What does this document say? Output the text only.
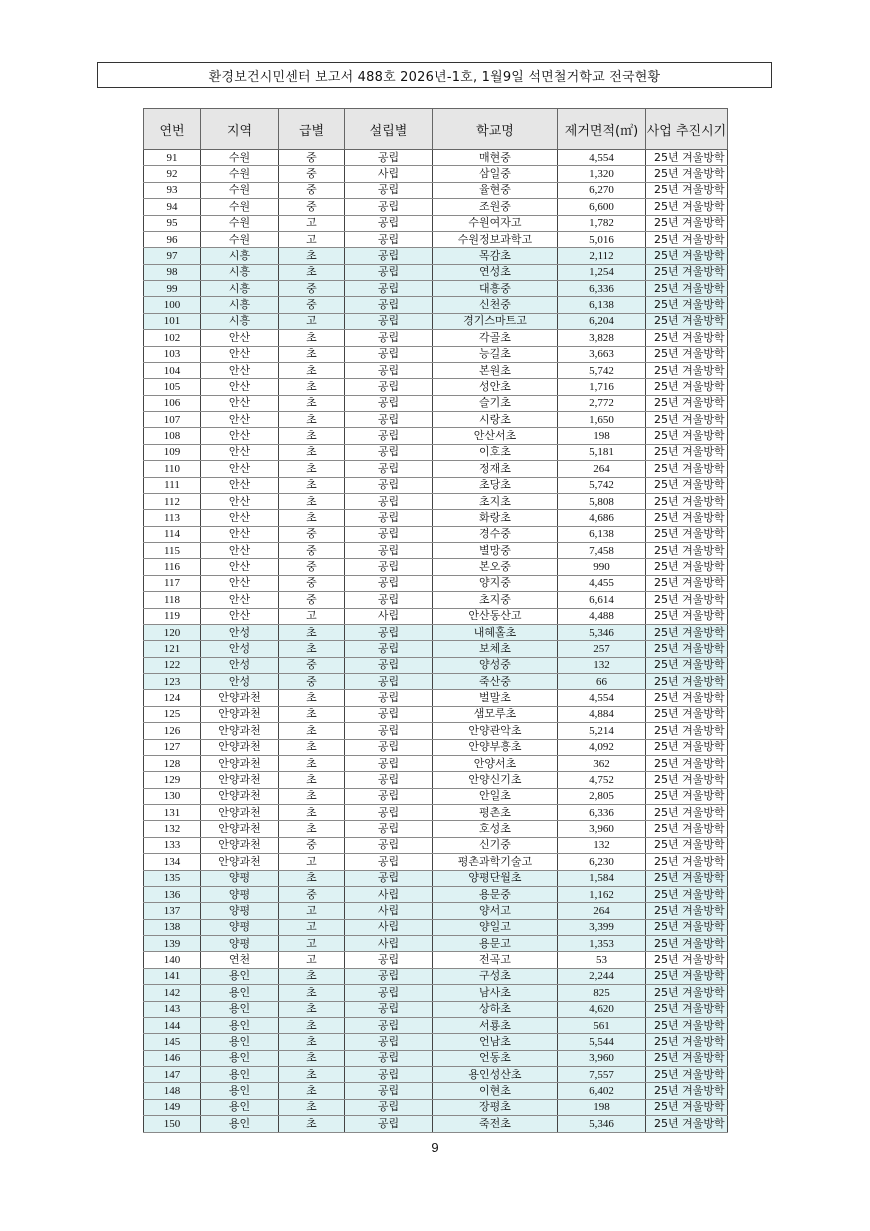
환경보건시민센터 보고서 488호 2026년-1호, 1월9일 석면철거학교 전국현황
연번	지역	급별	설립별	학교명	제거면적(㎡)	사업 추진시기
91	수원	중	공립	매현중	4,554	25년 겨울방학
92	수원	중	사립	삼일중	1,320	25년 겨울방학
93	수원	중	공립	율현중	6,270	25년 겨울방학
94	수원	중	공립	조원중	6,600	25년 겨울방학
95	수원	고	공립	수원여자고	1,782	25년 겨울방학
96	수원	고	공립	수원정보과학고	5,016	25년 겨울방학
97	시흥	초	공립	목감초	2,112	25년 겨울방학
98	시흥	초	공립	연성초	1,254	25년 겨울방학
99	시흥	중	공립	대흥중	6,336	25년 겨울방학
100	시흥	중	공립	신천중	6,138	25년 겨울방학
101	시흥	고	공립	경기스마트고	6,204	25년 겨울방학
102	안산	초	공립	각골초	3,828	25년 겨울방학
103	안산	초	공립	능길초	3,663	25년 겨울방학
104	안산	초	공립	본원초	5,742	25년 겨울방학
105	안산	초	공립	성안초	1,716	25년 겨울방학
106	안산	초	공립	슬기초	2,772	25년 겨울방학
107	안산	초	공립	시랑초	1,650	25년 겨울방학
108	안산	초	공립	안산서초	198	25년 겨울방학
109	안산	초	공립	이호초	5,181	25년 겨울방학
110	안산	초	공립	정재초	264	25년 겨울방학
111	안산	초	공립	초당초	5,742	25년 겨울방학
112	안산	초	공립	초지초	5,808	25년 겨울방학
113	안산	초	공립	화랑초	4,686	25년 겨울방학
114	안산	중	공립	경수중	6,138	25년 겨울방학
115	안산	중	공립	별망중	7,458	25년 겨울방학
116	안산	중	공립	본오중	990	25년 겨울방학
117	안산	중	공립	양지중	4,455	25년 겨울방학
118	안산	중	공립	초지중	6,614	25년 겨울방학
119	안산	고	사립	안산동산고	4,488	25년 겨울방학
120	안성	초	공립	내혜홀초	5,346	25년 겨울방학
121	안성	초	공립	보체초	257	25년 겨울방학
122	안성	중	공립	양성중	132	25년 겨울방학
123	안성	중	공립	죽산중	66	25년 겨울방학
124	안양과천	초	공립	벌말초	4,554	25년 겨울방학
125	안양과천	초	공립	샘모루초	4,884	25년 겨울방학
126	안양과천	초	공립	안양관악초	5,214	25년 겨울방학
127	안양과천	초	공립	안양부흥초	4,092	25년 겨울방학
128	안양과천	초	공립	안양서초	362	25년 겨울방학
129	안양과천	초	공립	안양신기초	4,752	25년 겨울방학
130	안양과천	초	공립	안일초	2,805	25년 겨울방학
131	안양과천	초	공립	평촌초	6,336	25년 겨울방학
132	안양과천	초	공립	호성초	3,960	25년 겨울방학
133	안양과천	중	공립	신기중	132	25년 겨울방학
134	안양과천	고	공립	평촌과학기술고	6,230	25년 겨울방학
135	양평	초	공립	양평단월초	1,584	25년 겨울방학
136	양평	중	사립	용문중	1,162	25년 겨울방학
137	양평	고	사립	양서고	264	25년 겨울방학
138	양평	고	사립	양일고	3,399	25년 겨울방학
139	양평	고	사립	용문고	1,353	25년 겨울방학
140	연천	고	공립	전곡고	53	25년 겨울방학
141	용인	초	공립	구성초	2,244	25년 겨울방학
142	용인	초	공립	남사초	825	25년 겨울방학
143	용인	초	공립	상하초	4,620	25년 겨울방학
144	용인	초	공립	서룡초	561	25년 겨울방학
145	용인	초	공립	언남초	5,544	25년 겨울방학
146	용인	초	공립	언동초	3,960	25년 겨울방학
147	용인	초	공립	용인성산초	7,557	25년 겨울방학
148	용인	초	공립	이현초	6,402	25년 겨울방학
149	용인	초	공립	장평초	198	25년 겨울방학
150	용인	초	공립	죽전초	5,346	25년 겨울방학
9
